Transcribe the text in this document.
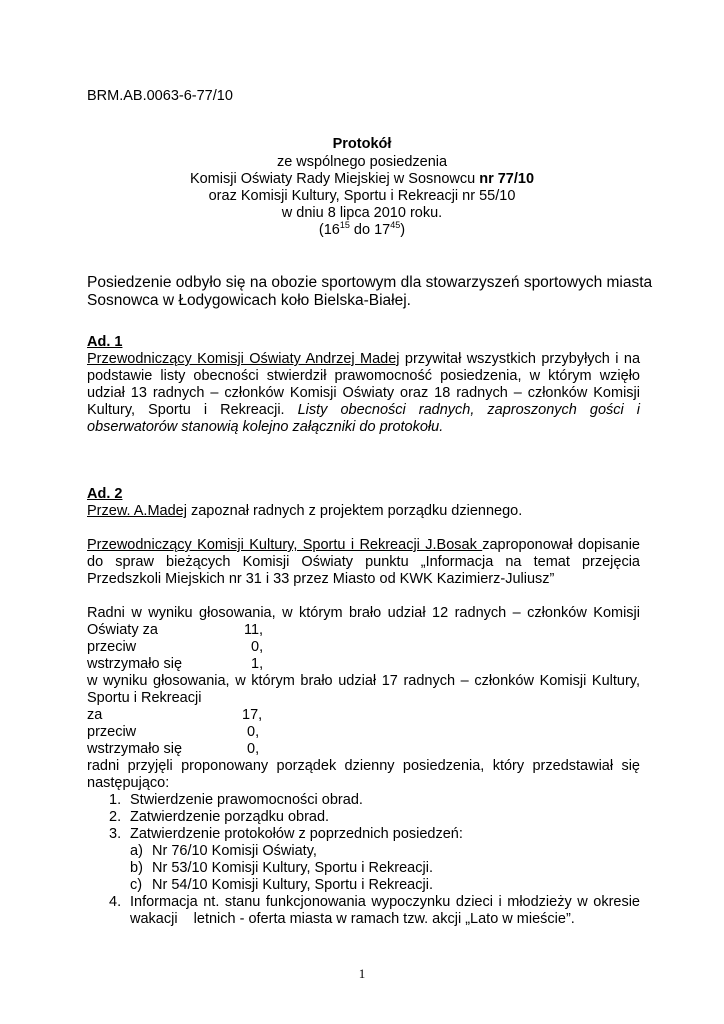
BRM.AB.0063-6-77/10
Protokół
ze wspólnego posiedzenia
Komisji Oświaty Rady Miejskiej w Sosnowcu nr 77/10
oraz Komisji Kultury, Sportu i Rekreacji nr 55/10
w dniu 8 lipca 2010 roku.
($16^{15}$ do $17^{45}$)
Posiedzenie odbyło się na obozie sportowym dla stowarzyszeń sportowych miasta
Sosnowca w Łodygowicach koło Bielska-Białej.
Ad. 1
Przewodniczący Komisji Oświaty Andrzej Madej przywitał wszystkich przybyłych i na
podstawie listy obecności stwierdził prawomocność posiedzenia, w którym wzięło
udział 13 radnych – członków Komisji Oświaty oraz 18 radnych – członków Komisji
Kultury, Sportu i Rekreacji. Listy obecności radnych, zaproszonych gości i
obserwatorów stanowią kolejno załączniki do protokołu.
Ad. 2
Przew. A.Madej zapoznał radnych z projektem porządku dziennego.
Przewodniczący Komisji Kultury, Sportu i Rekreacji J.Bosak zaproponował dopisanie
do spraw bieżących Komisji Oświaty punktu „Informacja na temat przejęcia
Przedszkoli Miejskich nr 31 i 33 przez Miasto od KWK Kazimierz-Juliusz”
Radni w wyniku głosowania, w którym brało udział 12 radnych – członków Komisji
Oświaty za	11,
przeciw	0,
wstrzymało się	1,
w wyniku głosowania, w którym brało udział 17 radnych – członków Komisji Kultury,
Sportu i Rekreacji
za	17,
przeciw	0,
wstrzymało się	0,
radni przyjęli proponowany porządek dzienny posiedzenia, który przedstawiał się
następująco:
1. Stwierdzenie prawomocności obrad.
2. Zatwierdzenie porządku obrad.
3. Zatwierdzenie protokołów z poprzednich posiedzeń:
a) Nr 76/10 Komisji Oświaty,
b) Nr 53/10 Komisji Kultury, Sportu i Rekreacji.
c) Nr 54/10 Komisji Kultury, Sportu i Rekreacji.
4. Informacja nt. stanu funkcjonowania wypoczynku dzieci i młodzieży w okresie
wakacji    letnich - oferta miasta w ramach tzw. akcji „Lato w mieście”.
1
